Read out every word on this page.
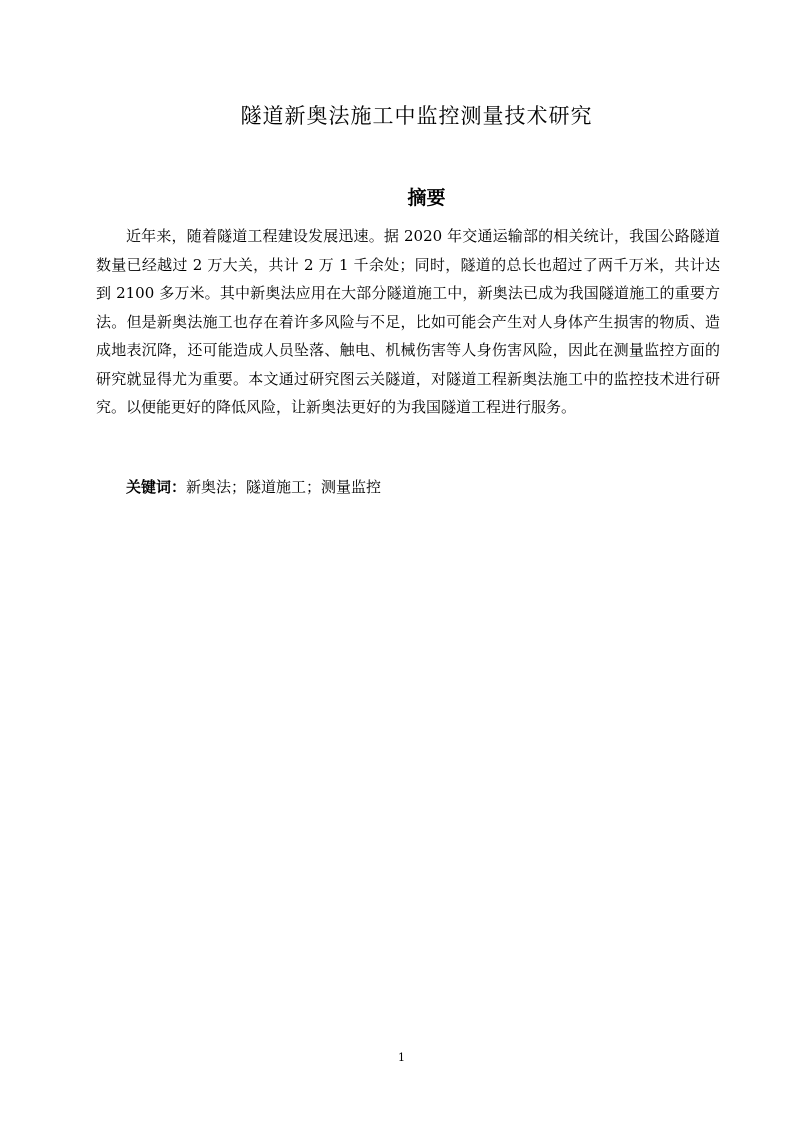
隧道新奥法施工中监控测量技术研究
摘要

近年来，随着隧道工程建设发展迅速。据 2020 年交通运输部的相关统计，我国公路隧道数量已经越过 2 万大关，共计 2 万 1 千余处；同时，隧道的总长也超过了两千万米，共计达到 2100 多万米。其中新奥法应用在大部分隧道施工中，新奥法已成为我国隧道施工的重要方法。但是新奥法施工也存在着许多风险与不足，比如可能会产生对人身体产生损害的物质、造成地表沉降，还可能造成人员坠落、触电、机械伤害等人身伤害风险，因此在测量监控方面的研究就显得尤为重要。本文通过研究图云关隧道，对隧道工程新奥法施工中的监控技术进行研究。以便能更好的降低风险，让新奥法更好的为我国隧道工程进行服务。

关键词：新奥法；隧道施工；测量监控

1
